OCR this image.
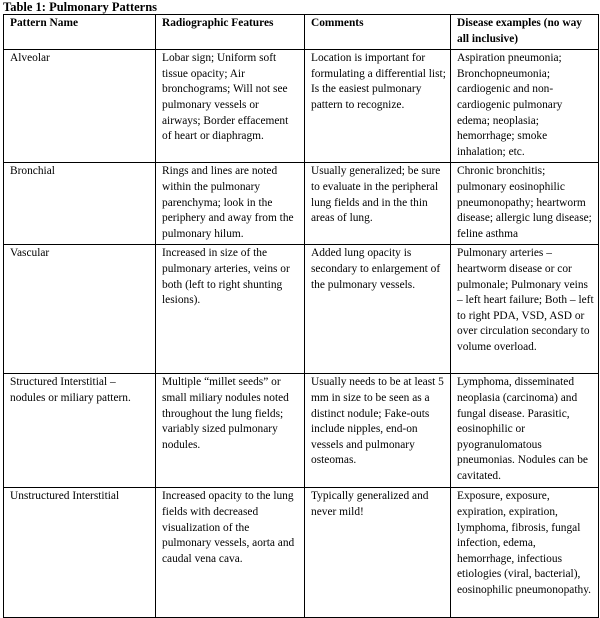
Table 1: Pulmonary Patterns
Pattern Name	Radiographic Features	Comments	Disease examples (no way all inclusive)
Alveolar	Lobar sign; Uniform soft tissue opacity; Air bronchograms; Will not see pulmonary vessels or airways; Border effacement of heart or diaphragm.	Location is important for formulating a differential list; Is the easiest pulmonary pattern to recognize.	Aspiration pneumonia; Bronchopneumonia; cardiogenic and non-cardiogenic pulmonary edema; neoplasia; hemorrhage; smoke inhalation; etc.
Bronchial	Rings and lines are noted within the pulmonary parenchyma; look in the periphery and away from the pulmonary hilum.	Usually generalized; be sure to evaluate in the peripheral lung fields and in the thin areas of lung.	Chronic bronchitis; pulmonary eosinophilic pneumonopathy; heartworm disease; allergic lung disease; feline asthma
Vascular	Increased in size of the pulmonary arteries, veins or both (left to right shunting lesions).	Added lung opacity is secondary to enlargement of the pulmonary vessels.	Pulmonary arteries – heartworm disease or cor pulmonale; Pulmonary veins – left heart failure; Both – left to right PDA, VSD, ASD or over circulation secondary to volume overload.
Structured Interstitial – nodules or miliary pattern.	Multiple “millet seeds” or small miliary nodules noted throughout the lung fields; variably sized pulmonary nodules.	Usually needs to be at least 5 mm in size to be seen as a distinct nodule; Fake-outs include nipples, end-on vessels and pulmonary osteomas.	Lymphoma, disseminated neoplasia (carcinoma) and fungal disease. Parasitic, eosinophilic or pyogranulomatous pneumonias. Nodules can be cavitated.
Unstructured Interstitial	Increased opacity to the lung fields with decreased visualization of the pulmonary vessels, aorta and caudal vena cava.	Typically generalized and never mild!	Exposure, exposure, expiration, expiration, lymphoma, fibrosis, fungal infection, edema, hemorrhage, infectious etiologies (viral, bacterial), eosinophilic pneumonopathy.
